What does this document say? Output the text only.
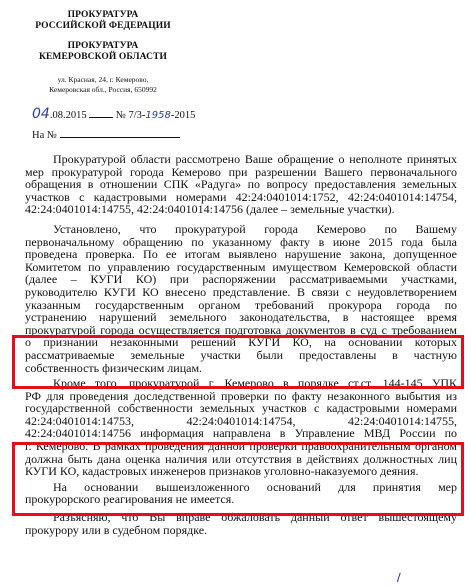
ПРОКУРАТУРА
РОССИЙСКОЙ ФЕДЕРАЦИИ
ПРОКУРАТУРА
КЕМЕРОВСКОЙ ОБЛАСТИ
ул. Красная, 24, г. Кемерово,
Кемеровская обл., Россия, 650992
04.08.2015	№ 7/3-1958-2015
На №
Прокуратурой области рассмотрено Ваше обращение о неполноте принятых
мер прокуратурой города Кемерово при разрешении Вашего первоначального
обращения в отношении СПК «Радуга» по вопросу предоставления земельных
участков с кадастровыми номерами 42:24:0401014:1752, 42:24:0401014:14754,
42:24:0401014:14755, 42:24:0401014:14756 (далее – земельные участки).
Установлено, что прокуратурой города Кемерово по Вашему
первоначальному обращению по указанному факту в июне 2015 года была
проведена проверка. По ее итогам выявлено нарушение закона, допущенное
Комитетом по управлению государственным имуществом Кемеровской области
(далее – КУГИ КО) при распоряжении рассматриваемыми участками,
руководителю КУГИ КО внесено представление. В связи с неудовлетворением
указанным государственным органом требований прокурора города по
устранению нарушений земельного законодательства, в настоящее время
прокуратурой города осуществляется подготовка документов в суд с требованием
о признании незаконными решений КУГИ КО, на основании которых
рассматриваемые земельные участки были предоставлены в частную
собственность физическим лицам.
Кроме того, прокуратурой г. Кемерово в порядке ст.ст. 144-145 УПК
РФ для проведения доследственной проверки по факту незаконного выбытия из
государственной собственности земельных участков с кадастровыми номерами
42:24:0401014:14753, 42:24:0401014:14754, 42:24:0401014:14755,
42:24:0401014:14756 информация направлена в Управление МВД России по
г. Кемерово. В рамках проведения данной проверки правоохранительным органом
должна быть дана оценка наличия или отсутствия в действиях должностных лиц
КУГИ КО, кадастровых инженеров признаков уголовно-наказуемого деяния.
На основании вышеизложенного оснований для принятия мер
прокурорского реагирования не имеется.
Разъясняю, что Вы вправе обжаловать данный ответ вышестоящему
прокурору или в судебном порядке.
